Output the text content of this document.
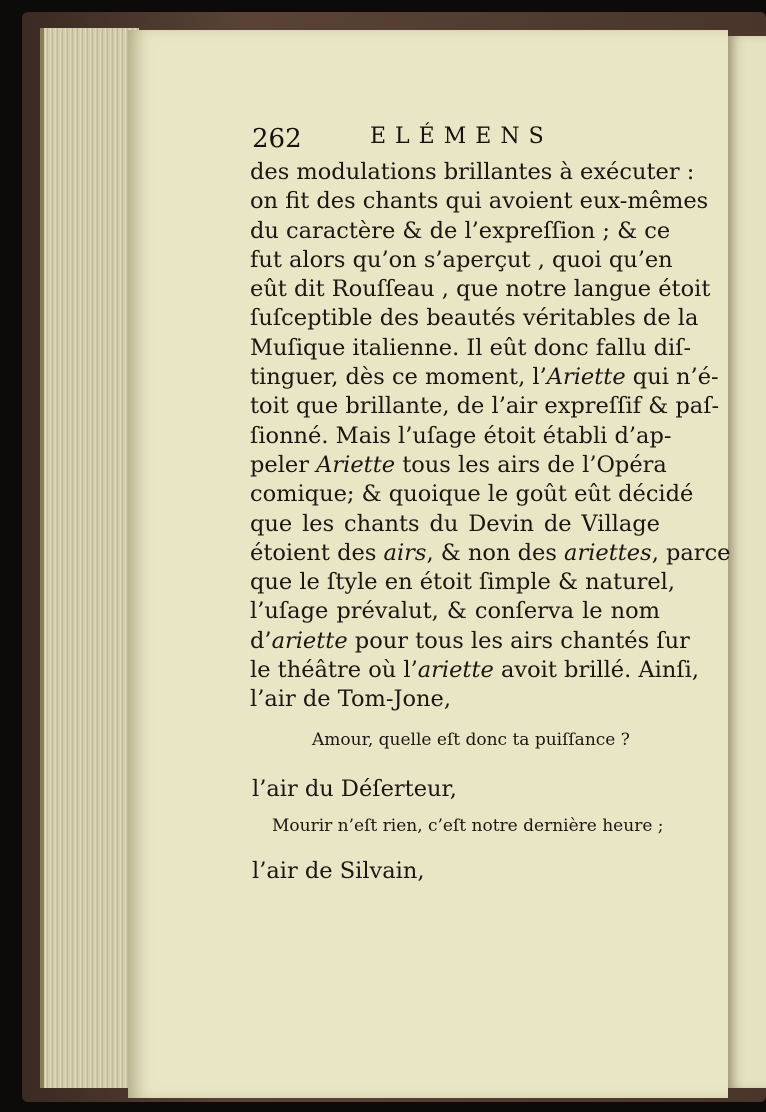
262	ELÉMENS
des modulations brillantes à exécuter :
on fit des chants qui avoient eux-mêmes
du caractère & de l’expreſſion ; & ce
fut alors qu’on s’aperçut , quoi qu’en
eût dit Rouſſeau , que notre langue étoit
ſuſceptible des beautés véritables de la
Muſique italienne. Il eût donc fallu diſ-
tinguer, dès ce moment, l’Ariette qui n’é-
toit que brillante, de l’air expreſſif & paſ-
ſionné. Mais l’uſage étoit établi d’ap-
peler Ariette tous les airs de l’Opéra
comique; & quoique le goût eût décidé
que les chants du Devin de Village
étoient des airs, & non des ariettes, parce
que le ſtyle en étoit ſimple & naturel,
l’uſage prévalut, & conſerva le nom
d’ariette pour tous les airs chantés ſur
le théâtre où l’ariette avoit brillé. Ainſi,
l’air de Tom-Jone,
Amour, quelle eſt donc ta puiſſance ?
l’air du Déſerteur,
Mourir n’eſt rien, c’eſt notre dernière heure ;
l’air de Silvain,
